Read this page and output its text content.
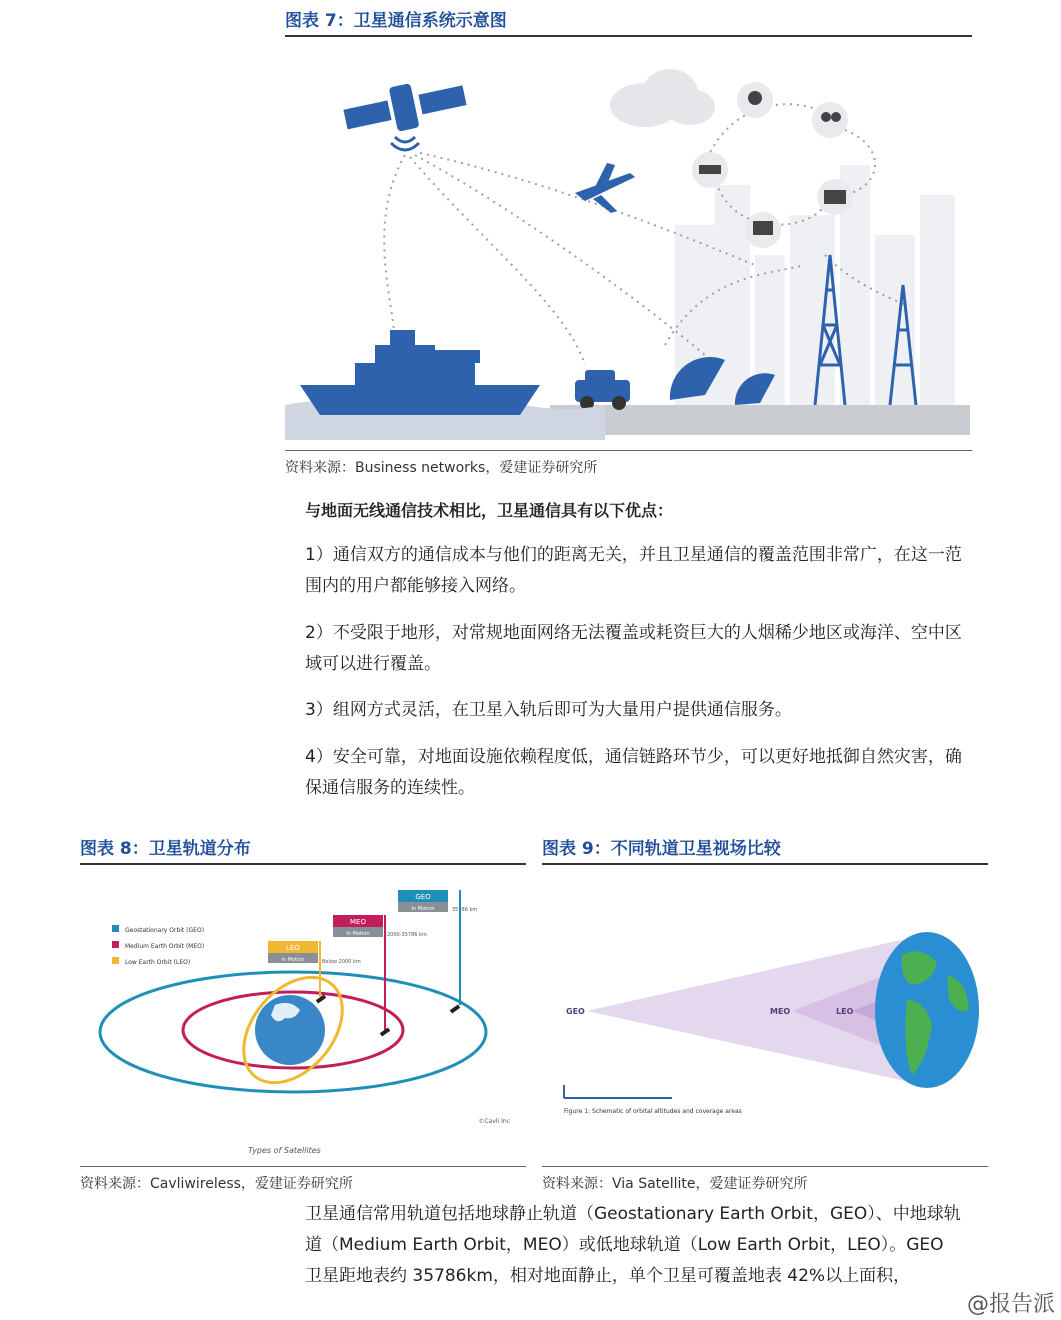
图表 7：卫星通信系统示意图
资料来源：Business networks，爱建证券研究所
与地面无线通信技术相比，卫星通信具有以下优点：
1）通信双方的通信成本与他们的距离无关，并且卫星通信的覆盖范围非常广，在这一范围内的用户都能够接入网络。
2）不受限于地形，对常规地面网络无法覆盖或耗资巨大的人烟稀少地区或海洋、空中区域可以进行覆盖。
3）组网方式灵活，在卫星入轨后即可为大量用户提供通信服务。
4）安全可靠，对地面设施依赖程度低，通信链路环节少，可以更好地抵御自然灾害，确保通信服务的连续性。
图表 8：卫星轨道分布
Geostationary Orbit (GEO)
Medium Earth Orbit (MEO)
Low Earth Orbit (LEO)
GEO
In Motion	35786 km
MEO
In Motion	2000-35786 km
LEO
In Motion	Below 2000 km
©Cavli Inc
Types of Satellites
资料来源：Cavliwireless，爱建证券研究所
图表 9：不同轨道卫星视场比较
GEO	MEO	LEO
Figure 1: Schematic of orbital altitudes and coverage areas
资料来源：Via Satellite，爱建证券研究所
卫星通信常用轨道包括地球静止轨道（Geostationary Earth Orbit，GEO）、中地球轨道（Medium Earth Orbit，MEO）或低地球轨道（Low Earth Orbit，LEO）。GEO 卫星距地表约 35786km，相对地面静止，单个卫星可覆盖地表 42%以上面积，
@报告派
